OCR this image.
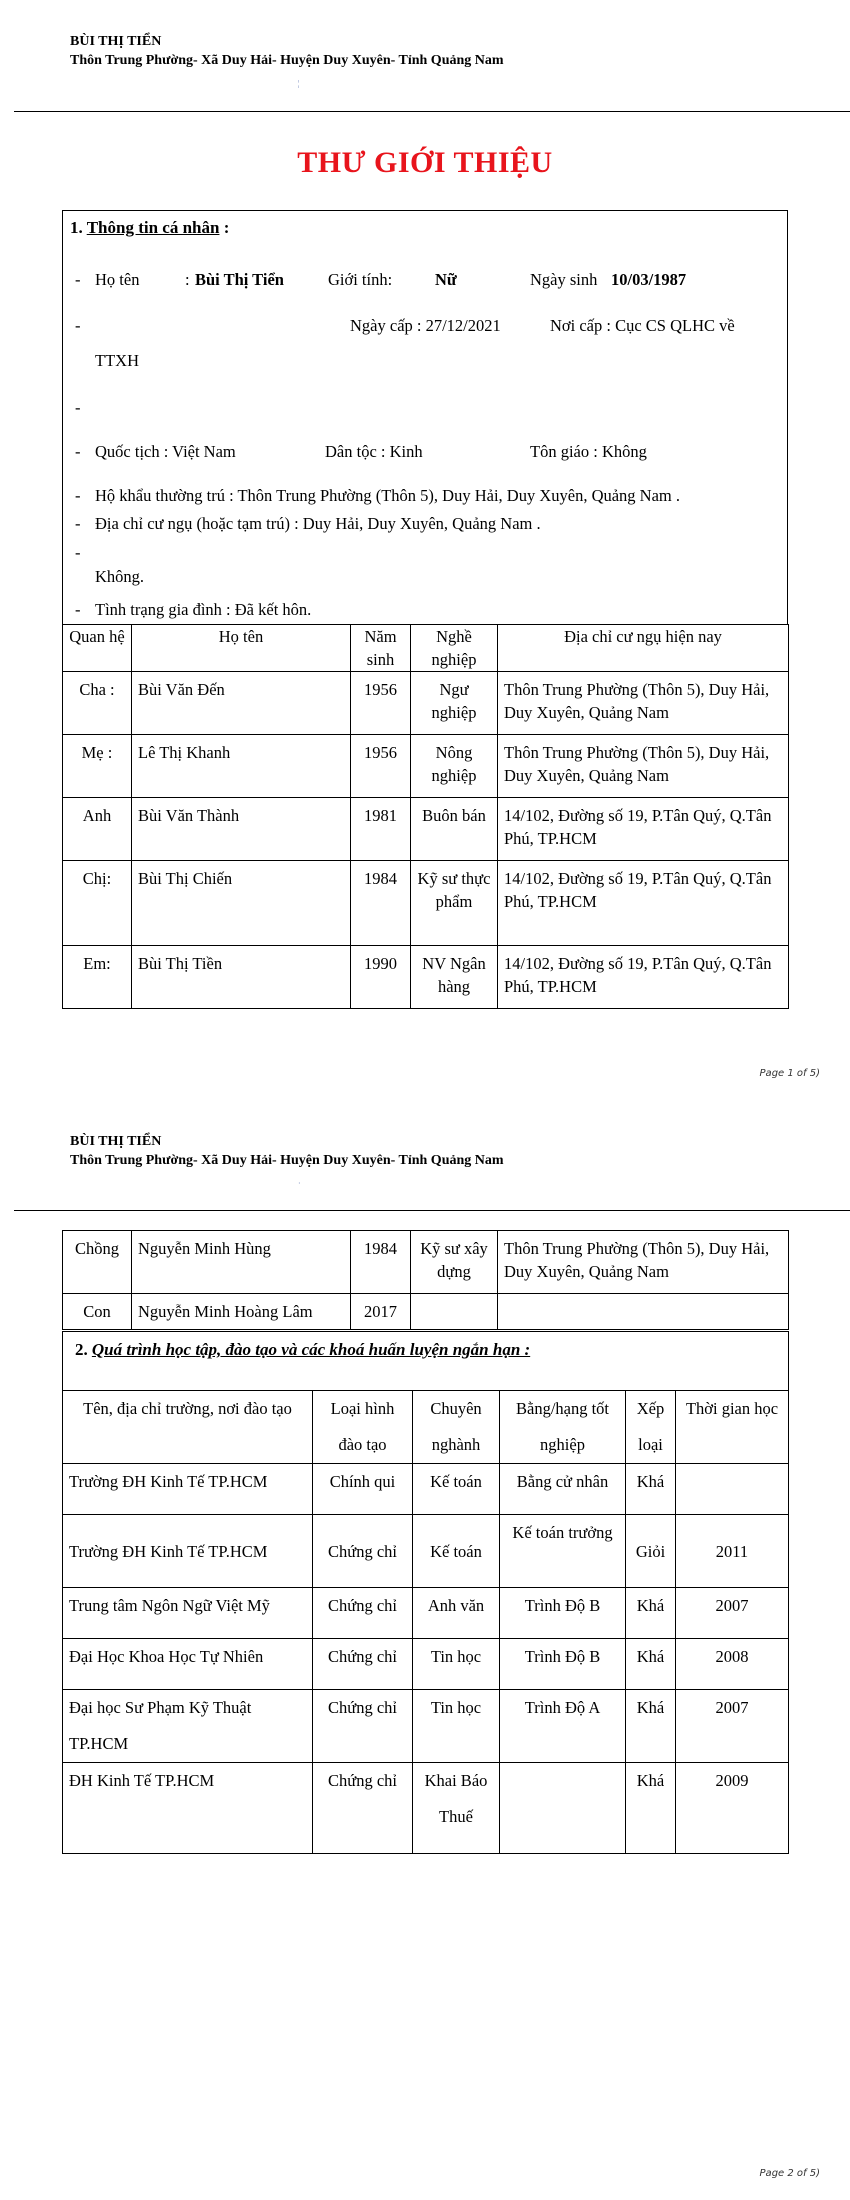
BÙI THỊ TIỂN
Thôn Trung Phường- Xã Duy Hải- Huyện Duy Xuyên- Tỉnh Quảng Nam
¦
THƯ GIỚI THIỆU
1. Thông tin cá nhân :
- Họ tên	: Bùi Thị Tiển	Giới tính:	Nữ	Ngày sinh 10/03/1987
-	Ngày cấp : 27/12/2021	Nơi cấp : Cục CS QLHC về
TTXH
-
- Quốc tịch : Việt Nam	Dân tộc : Kinh	Tôn giáo : Không
- Hộ khẩu thường trú : Thôn Trung Phường (Thôn 5), Duy Hải, Duy Xuyên, Quảng Nam .
- Địa chỉ cư ngụ (hoặc tạm trú) : Duy Hải, Duy Xuyên, Quảng Nam .
-
Không.
- Tình trạng gia đình : Đã kết hôn.
Quan hệ	Họ tên	Năm sinh	Nghề nghiệp	Địa chỉ cư ngụ hiện nay
Cha :	Bùi Văn Đến	1956	Ngư nghiệp	Thôn Trung Phường (Thôn 5), Duy Hải, Duy Xuyên, Quảng Nam
Mẹ :	Lê Thị Khanh	1956	Nông nghiệp	Thôn Trung Phường (Thôn 5), Duy Hải, Duy Xuyên, Quảng Nam
Anh	Bùi Văn Thành	1981	Buôn bán	14/102, Đường số 19, P.Tân Quý, Q.Tân Phú, TP.HCM
Chị:	Bùi Thị Chiến	1984	Kỹ sư thực phẩm	14/102, Đường số 19, P.Tân Quý, Q.Tân Phú, TP.HCM
Em:	Bùi Thị Tiền	1990	NV Ngân hàng	14/102, Đường số 19, P.Tân Quý, Q.Tân Phú, TP.HCM
Page 1 of 5)
BÙI THỊ TIỂN
Thôn Trung Phường- Xã Duy Hải- Huyện Duy Xuyên- Tỉnh Quảng Nam
·
Chồng	Nguyễn Minh Hùng	1984	Kỹ sư xây dựng	Thôn Trung Phường (Thôn 5), Duy Hải, Duy Xuyên, Quảng Nam
Con	Nguyễn Minh Hoàng Lâm	2017		
2. Quá trình học tập, đào tạo và các khoá huấn luyện ngắn hạn :					
Tên, địa chỉ trường, nơi đào tạo	Loại hình đào tạo	Chuyên nghành	Bằng/hạng tốt nghiệp	Xếp loại	Thời gian học
Trường ĐH Kinh Tế TP.HCM	Chính qui	Kế toán	Bằng cử nhân	Khá	
Trường ĐH Kinh Tế TP.HCM	Chứng chỉ	Kế toán	Kế toán trưởng	Giỏi	2011
Trung tâm Ngôn Ngữ Việt Mỹ	Chứng chỉ	Anh văn	Trình Độ B	Khá	2007
Đại Học Khoa Học Tự Nhiên	Chứng chỉ	Tin học	Trình Độ B	Khá	2008
Đại học Sư Phạm Kỹ Thuật TP.HCM	Chứng chỉ	Tin học	Trình Độ A	Khá	2007
ĐH Kinh Tế TP.HCM	Chứng chỉ	Khai Báo Thuế		Khá	2009
Page 2 of 5)
